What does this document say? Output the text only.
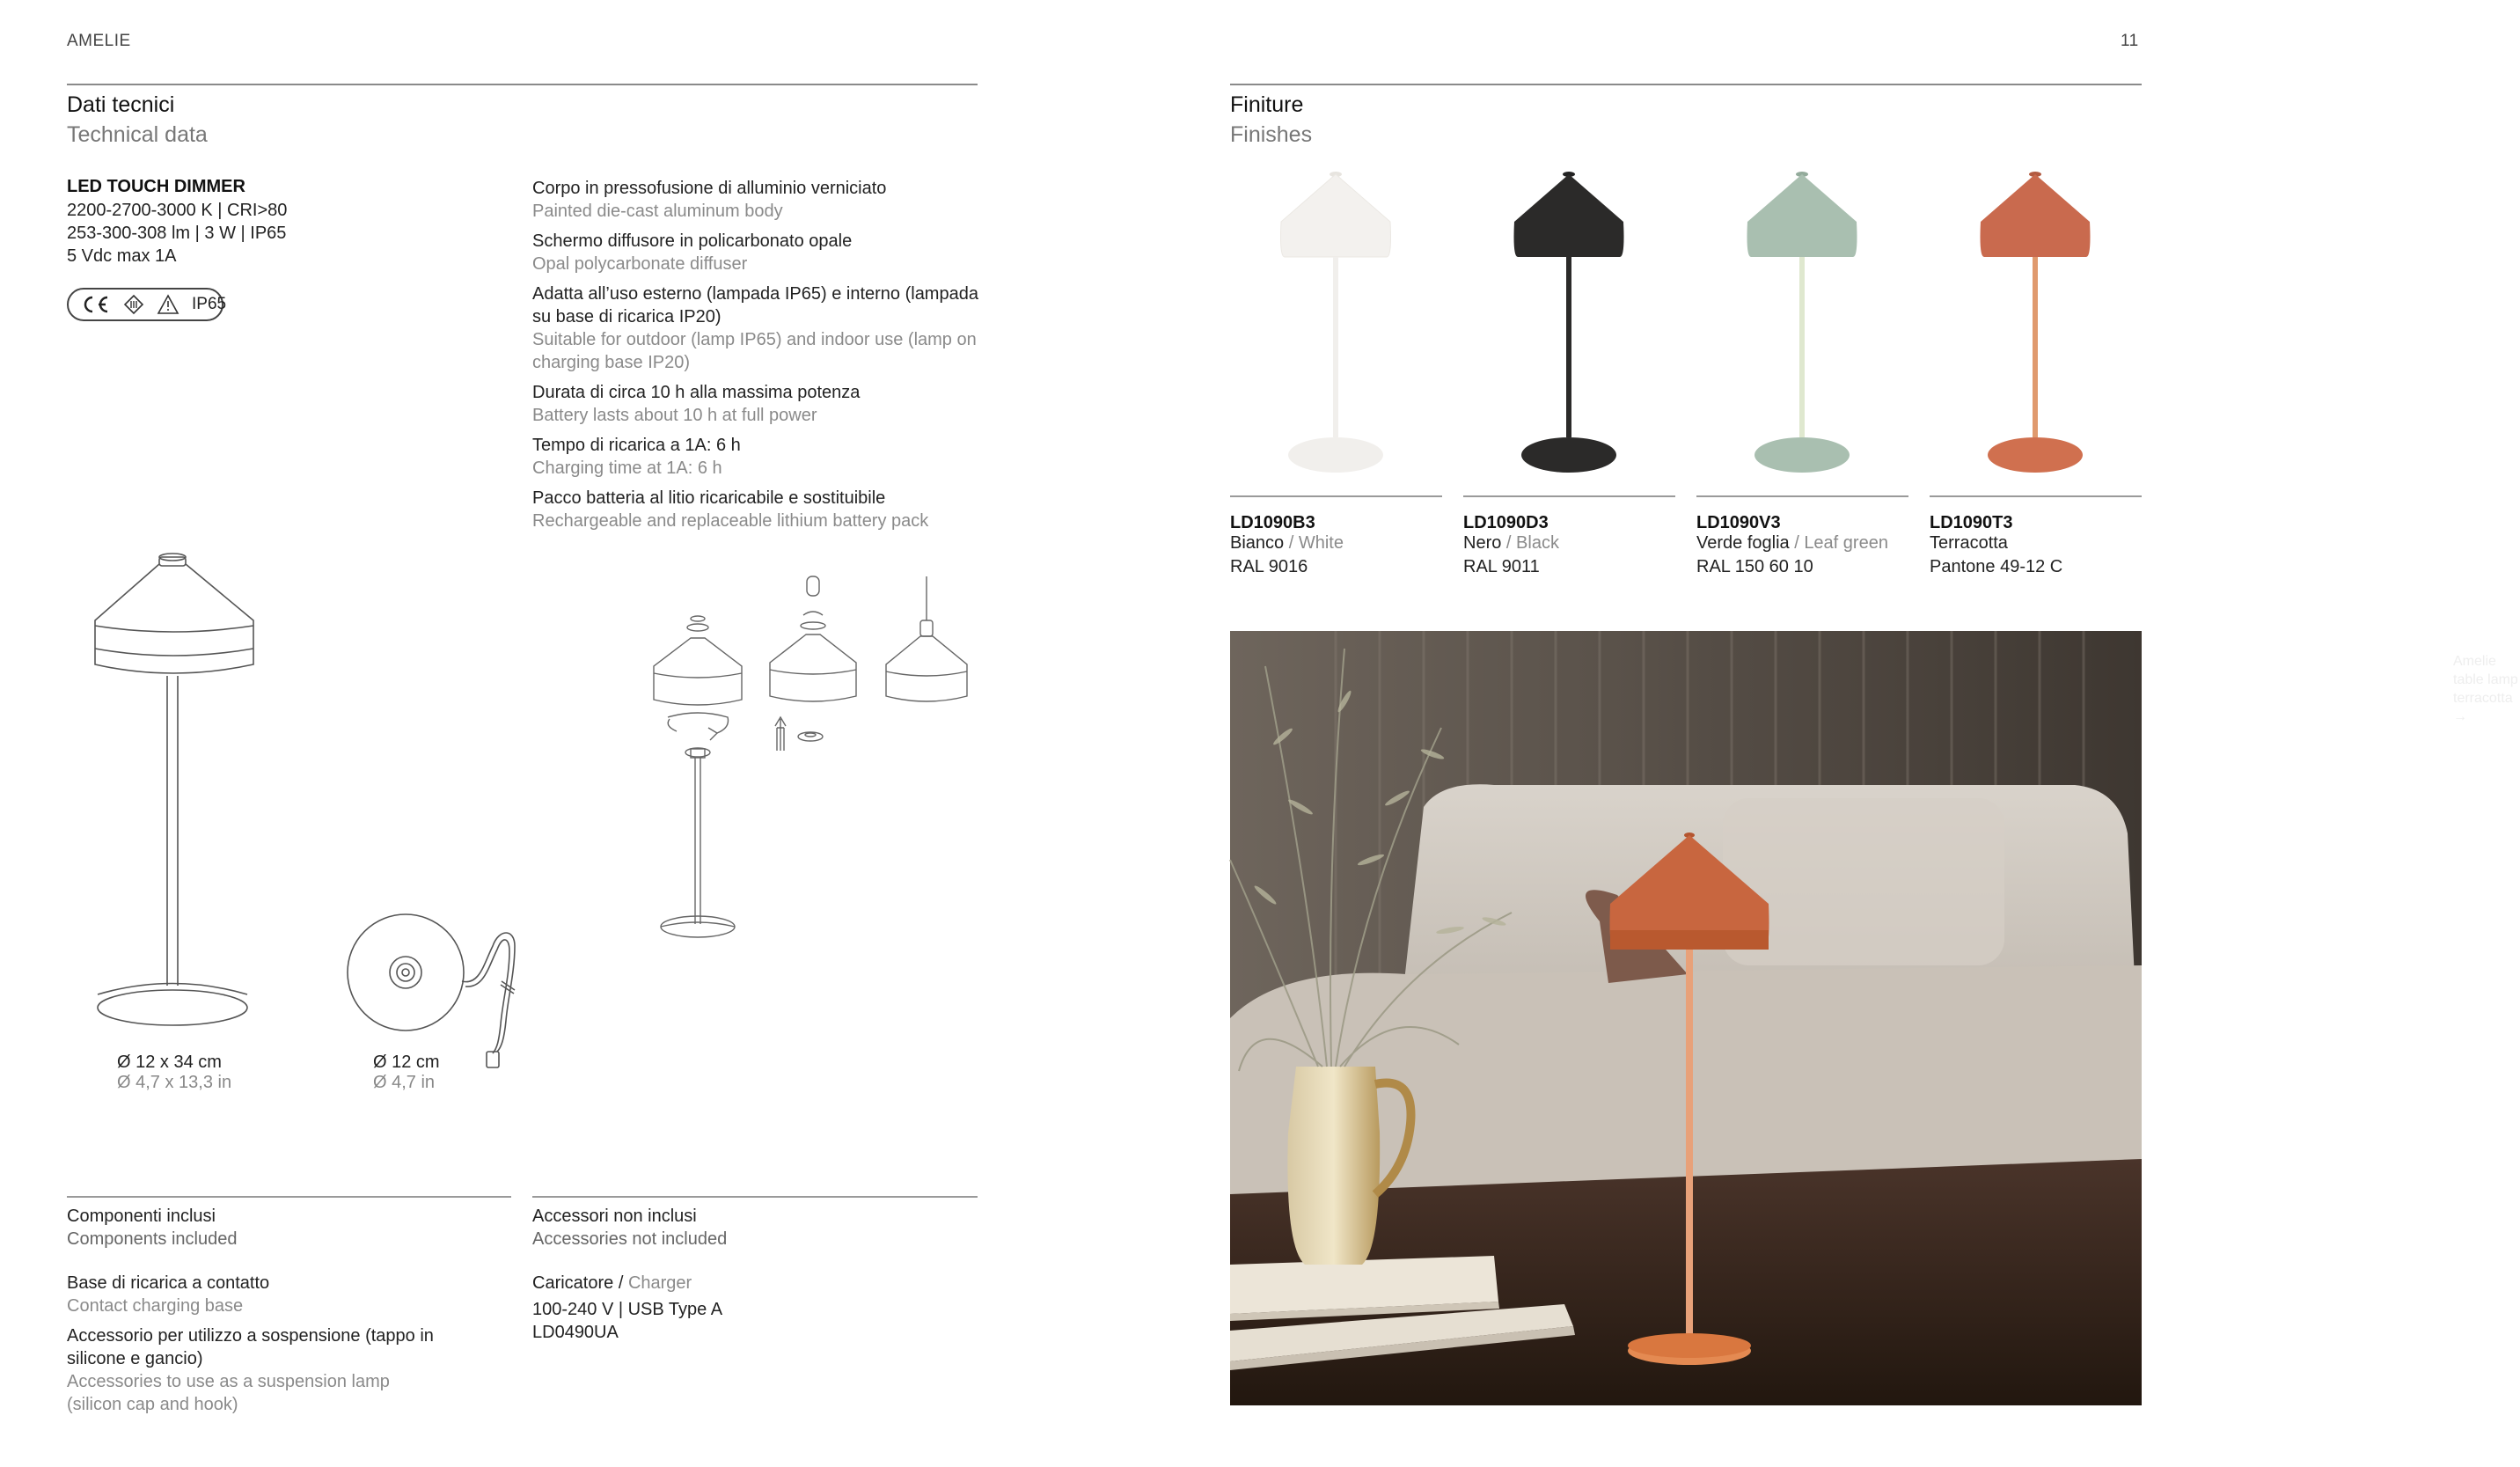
AMELIE	11
Dati tecnici
Technical data
LED TOUCH DIMMER
2200-2700-3000 K | CRI>80
253-300-308 lm | 3 W | IP65
5 Vdc max 1A
IP65
Corpo in pressofusione di alluminio verniciato
Painted die-cast aluminum body
Schermo diffusore in policarbonato opale
Opal polycarbonate diffuser
Adatta all’uso esterno (lampada IP65) e interno (lampada su base di ricarica IP20)
Suitable for outdoor (lamp IP65) and indoor use (lamp on charging base IP20)
Durata di circa 10 h alla massima potenza
Battery lasts about 10 h at full power
Tempo di ricarica a 1A: 6 h
Charging time at 1A: 6 h
Pacco batteria al litio ricaricabile e sostituibile
Rechargeable and replaceable lithium battery pack
Ø 12 x 34 cm
Ø 4,7 x 13,3 in
Ø 12 cm
Ø 4,7 in
Componenti inclusi
Components included
Base di ricarica a contatto
Contact charging base
Accessorio per utilizzo a sospensione (tappo in silicone e gancio)
Accessories to use as a suspension lamp (silicon cap and hook)
Accessori non inclusi
Accessories not included
Caricatore / Charger
100-240 V | USB Type A
LD0490UA
Finiture
Finishes
LD1090B3
Bianco / White
RAL 9016
LD1090D3
Nero / Black
RAL 9011
LD1090V3
Verde foglia / Leaf green
RAL 150 60 10
LD1090T3
Terracotta
Pantone 49-12 C
Amelie table lamp
terracotta → LD1090T3
